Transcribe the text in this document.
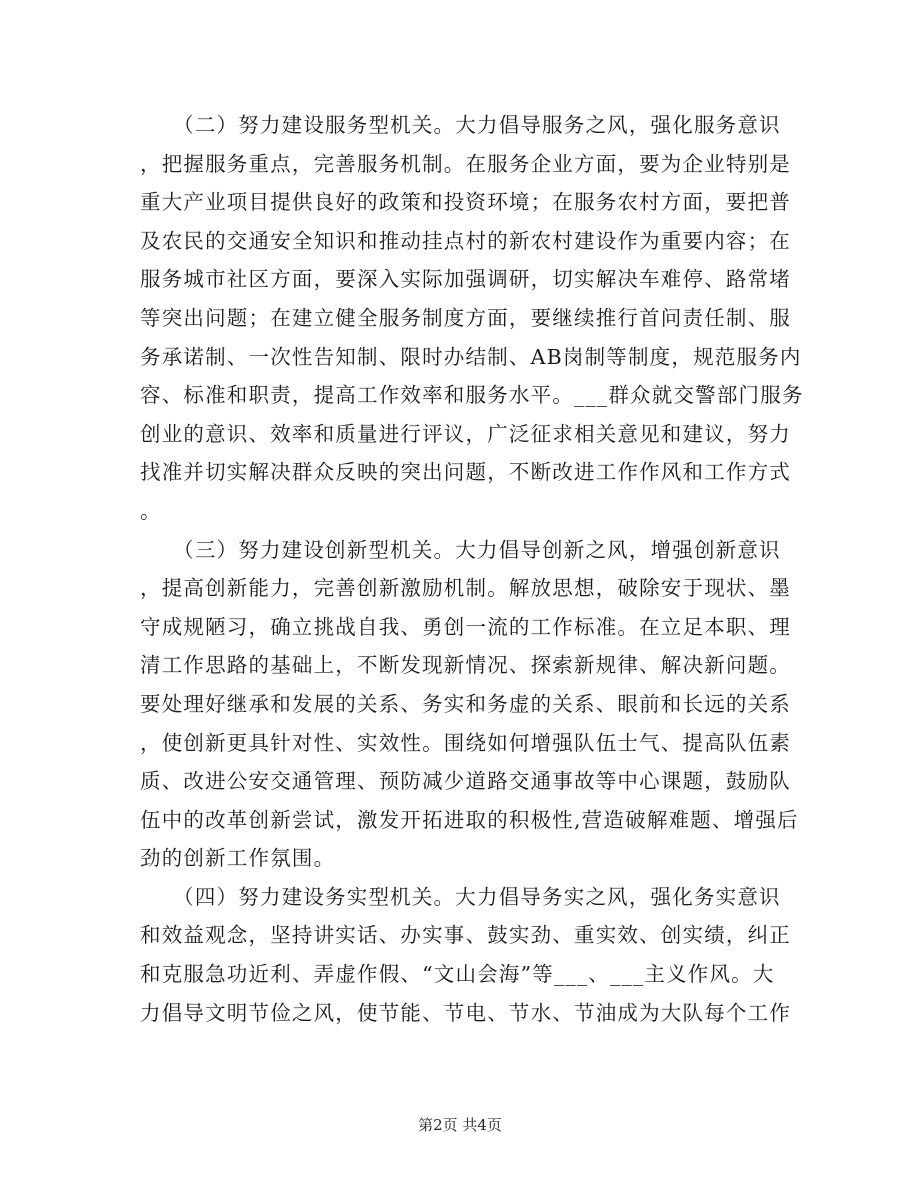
　　（二）努力建设服务型机关。大力倡导服务之风，强化服务意识
，把握服务重点，完善服务机制。在服务企业方面，要为企业特别是
重大产业项目提供良好的政策和投资环境；在服务农村方面，要把普
及农民的交通安全知识和推动挂点村的新农村建设作为重要内容；在
服务城市社区方面，要深入实际加强调研，切实解决车难停、路常堵
等突出问题；在建立健全服务制度方面，要继续推行首问责任制、服
务承诺制、一次性告知制、限时办结制、AB岗制等制度，规范服务内
容、标准和职责，提高工作效率和服务水平。___群众就交警部门服务
创业的意识、效率和质量进行评议，广泛征求相关意见和建议，努力
找准并切实解决群众反映的突出问题，不断改进工作作风和工作方式
。
　　（三）努力建设创新型机关。大力倡导创新之风，增强创新意识
，提高创新能力，完善创新激励机制。解放思想，破除安于现状、墨
守成规陋习，确立挑战自我、勇创一流的工作标准。在立足本职、理
清工作思路的基础上，不断发现新情况、探索新规律、解决新问题。
要处理好继承和发展的关系、务实和务虚的关系、眼前和长远的关系
，使创新更具针对性、实效性。围绕如何增强队伍士气、提高队伍素
质、改进公安交通管理、预防减少道路交通事故等中心课题，鼓励队
伍中的改革创新尝试，激发开拓进取的积极性,营造破解难题、增强后
劲的创新工作氛围。
　　（四）努力建设务实型机关。大力倡导务实之风，强化务实意识
和效益观念，坚持讲实话、办实事、鼓实劲、重实效、创实绩，纠正
和克服急功近利、弄虚作假、“文山会海”等___、___主义作风。大
力倡导文明节俭之风，使节能、节电、节水、节油成为大队每个工作
第2页 共4页
